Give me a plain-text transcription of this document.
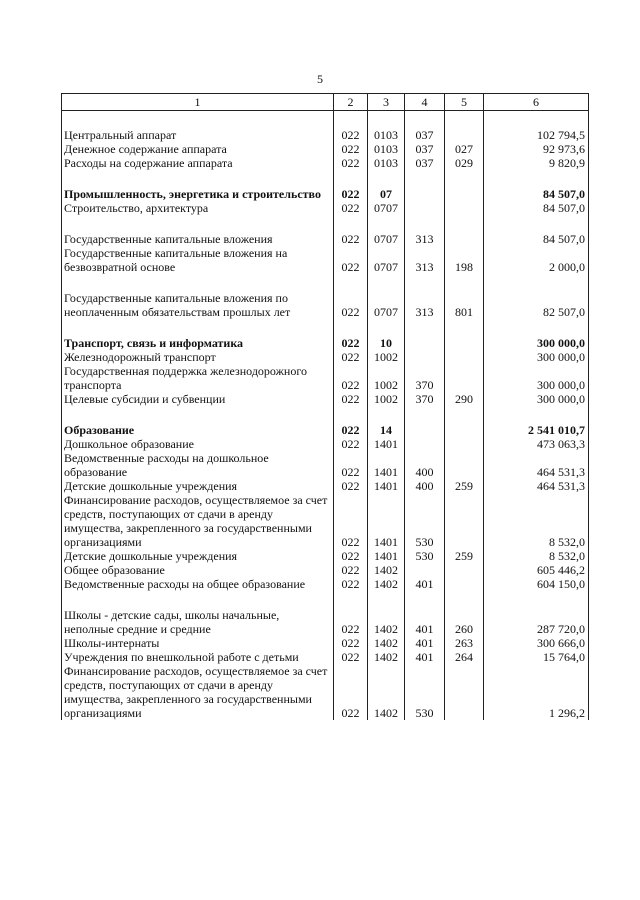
5
1	2	3	4	5	6
Центральный аппарат	022	0103	037		102 794,5
Денежное содержание аппарата	022	0103	037	027	92 973,6
Расходы на содержание аппарата	022	0103	037	029	9 820,9
Промышленность, энергетика и строительство	022	07			84 507,0
Строительство, архитектура	022	0707			84 507,0
Государственные капитальные вложения	022	0707	313		84 507,0
Государственные капитальные вложения на безвозвратной основе	022	0707	313	198	2 000,0
Государственные капитальные вложения по неоплаченным обязательствам прошлых лет	022	0707	313	801	82 507,0
Транспорт, связь и информатика	022	10			300 000,0
Железнодорожный транспорт	022	1002			300 000,0
Государственная поддержка железнодорожного транспорта	022	1002	370		300 000,0
Целевые субсидии и субвенции	022	1002	370	290	300 000,0
Образование	022	14			2 541 010,7
Дошкольное образование	022	1401			473 063,3
Ведомственные расходы на дошкольное образование	022	1401	400		464 531,3
Детские дошкольные учреждения	022	1401	400	259	464 531,3
Финансирование расходов, осуществляемое за счет средств, поступающих от сдачи в аренду имущества, закрепленного за государственными организациями	022	1401	530		8 532,0
Детские дошкольные учреждения	022	1401	530	259	8 532,0
Общее образование	022	1402			605 446,2
Ведомственные расходы на общее образование	022	1402	401		604 150,0
Школы - детские сады, школы начальные, неполные средние и средние	022	1402	401	260	287 720,0
Школы-интернаты	022	1402	401	263	300 666,0
Учреждения по внешкольной работе с детьми	022	1402	401	264	15 764,0
Финансирование расходов, осуществляемое за счет средств, поступающих от сдачи в аренду имущества, закрепленного за государственными организациями	022	1402	530		1 296,2
